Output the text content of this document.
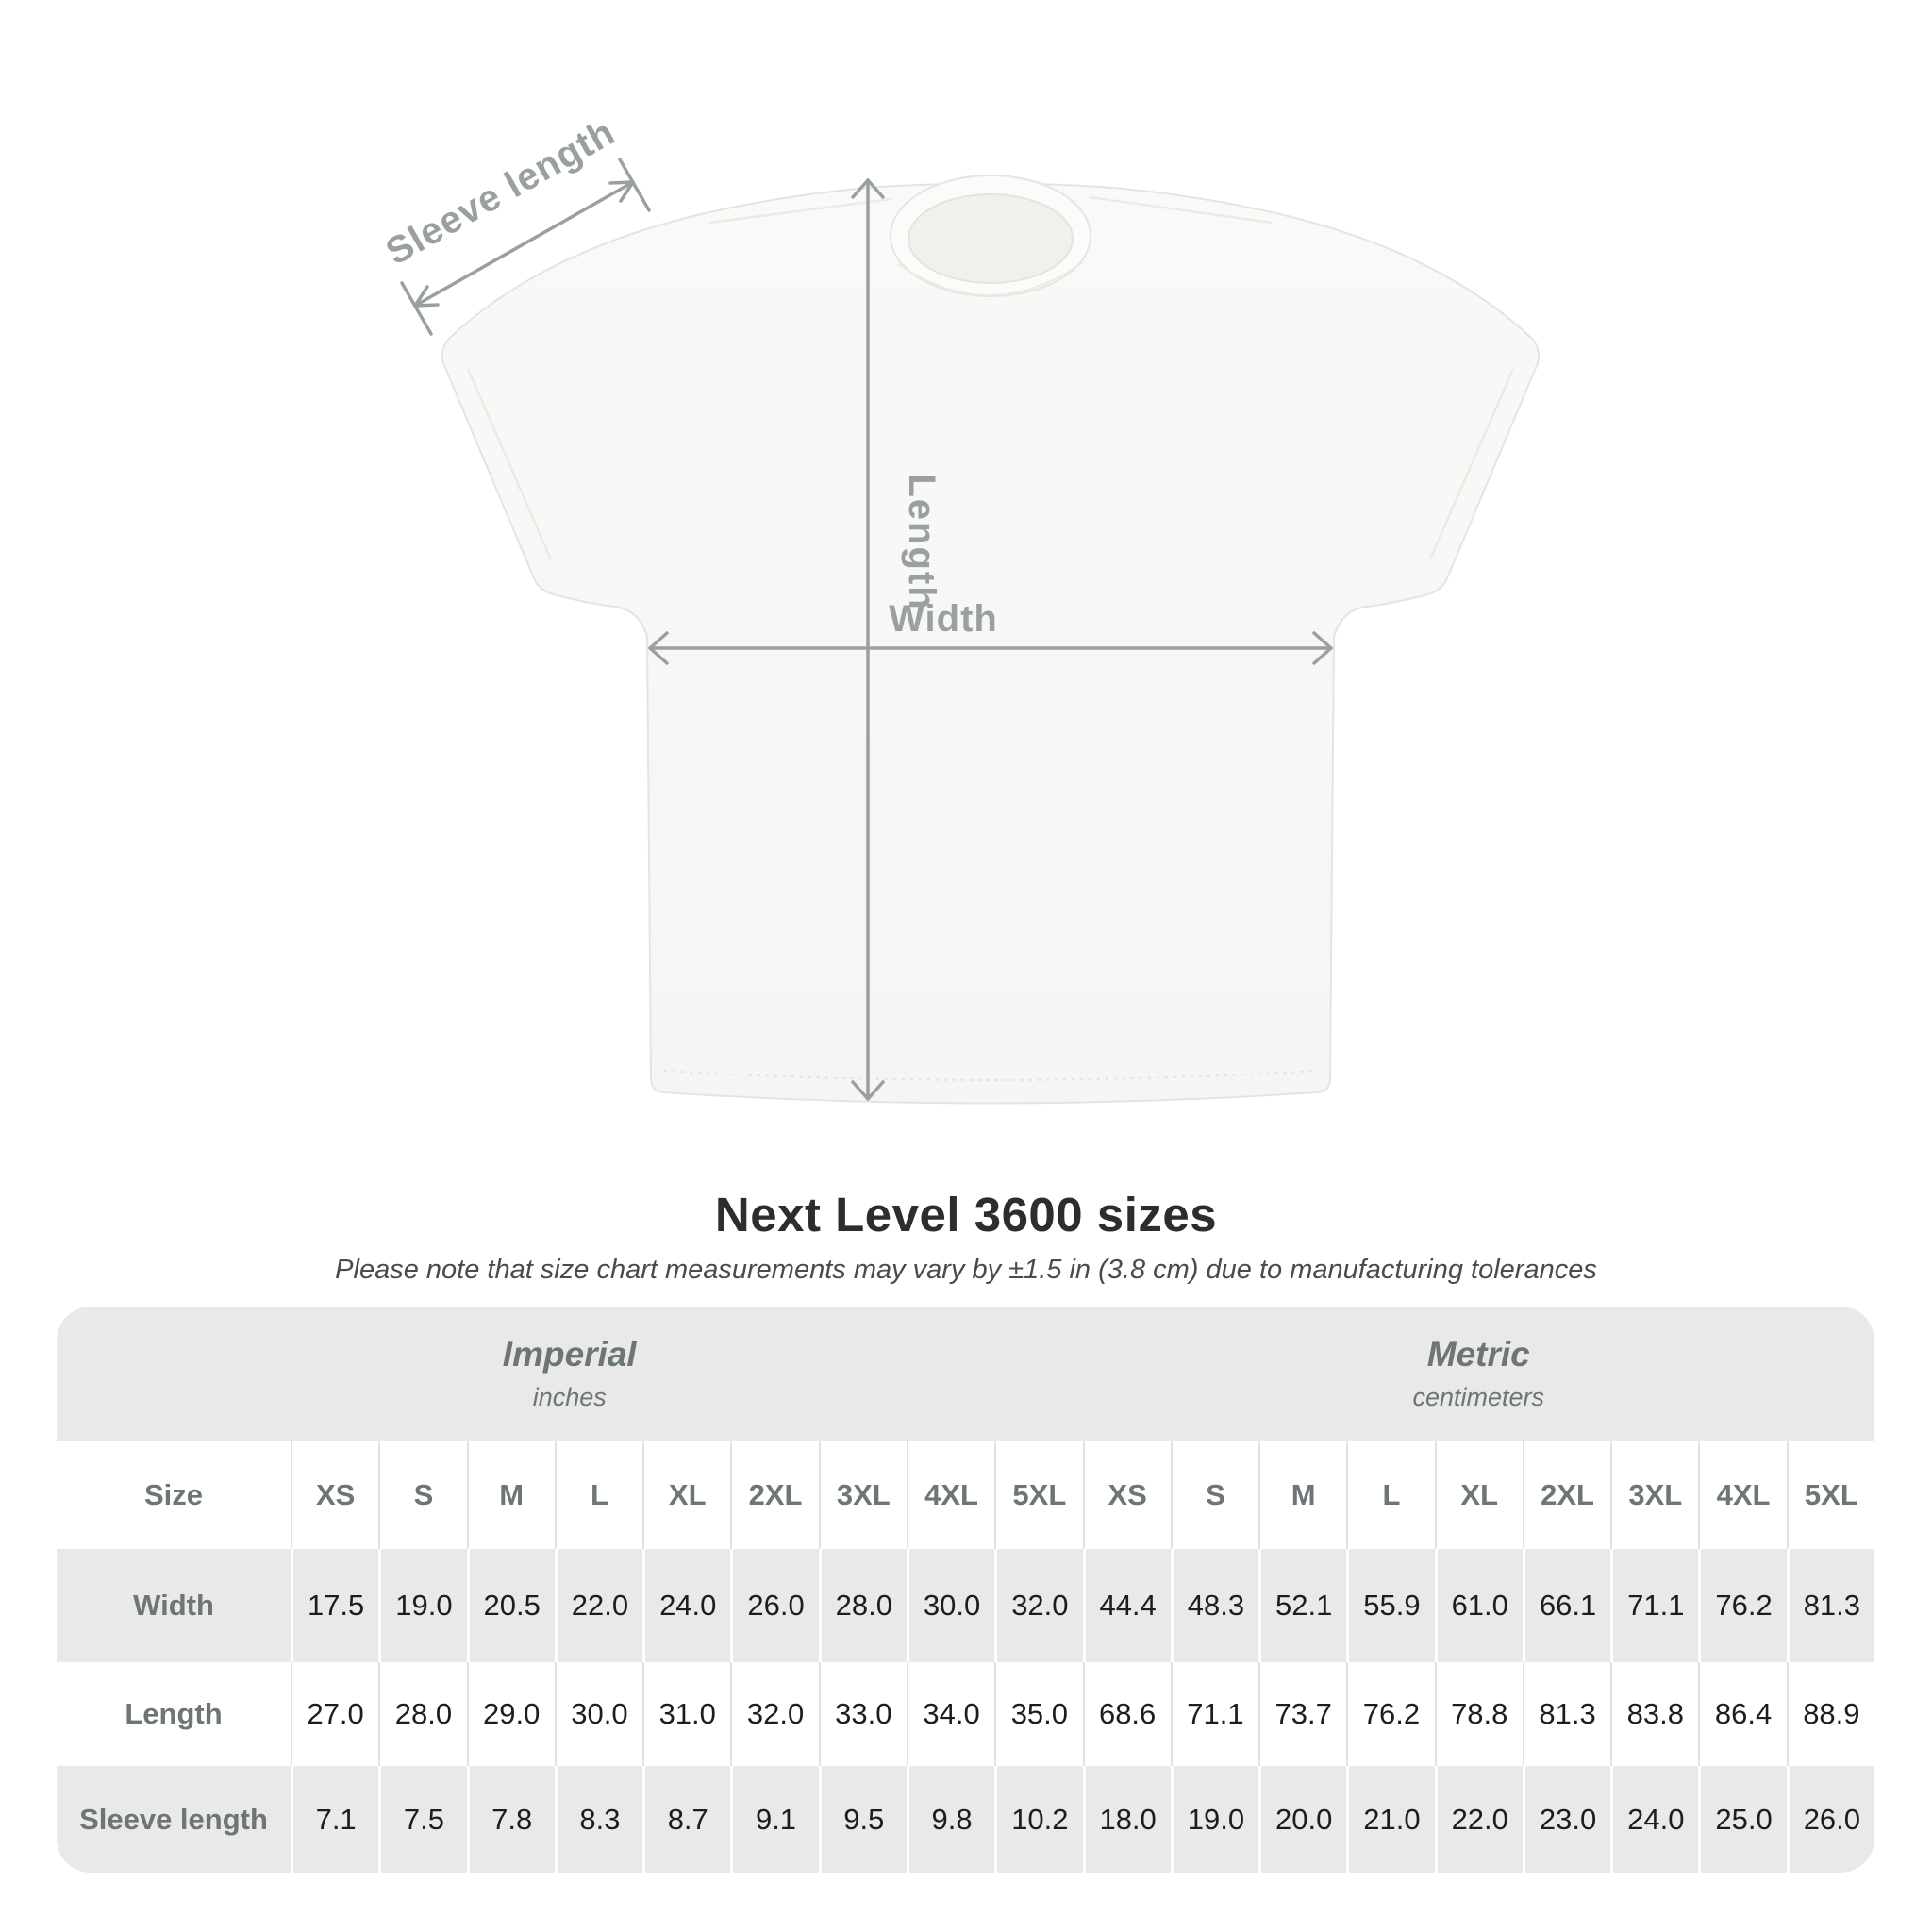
Length
Width
Sleeve length
Next Level 3600 sizes
Please note that size chart measurements may vary by ±1.5 in (3.8 cm) due to manufacturing tolerances
Imperial
inches
Metric
centimeters
Size	XS	S	M	L	XL	2XL	3XL	4XL	5XL	XS	S	M	L	XL	2XL	3XL	4XL	5XL
Width	17.5	19.0	20.5	22.0	24.0	26.0	28.0	30.0	32.0	44.4	48.3	52.1	55.9	61.0	66.1	71.1	76.2	81.3
Length	27.0	28.0	29.0	30.0	31.0	32.0	33.0	34.0	35.0	68.6	71.1	73.7	76.2	78.8	81.3	83.8	86.4	88.9
Sleeve length	7.1	7.5	7.8	8.3	8.7	9.1	9.5	9.8	10.2	18.0	19.0	20.0	21.0	22.0	23.0	24.0	25.0	26.0
